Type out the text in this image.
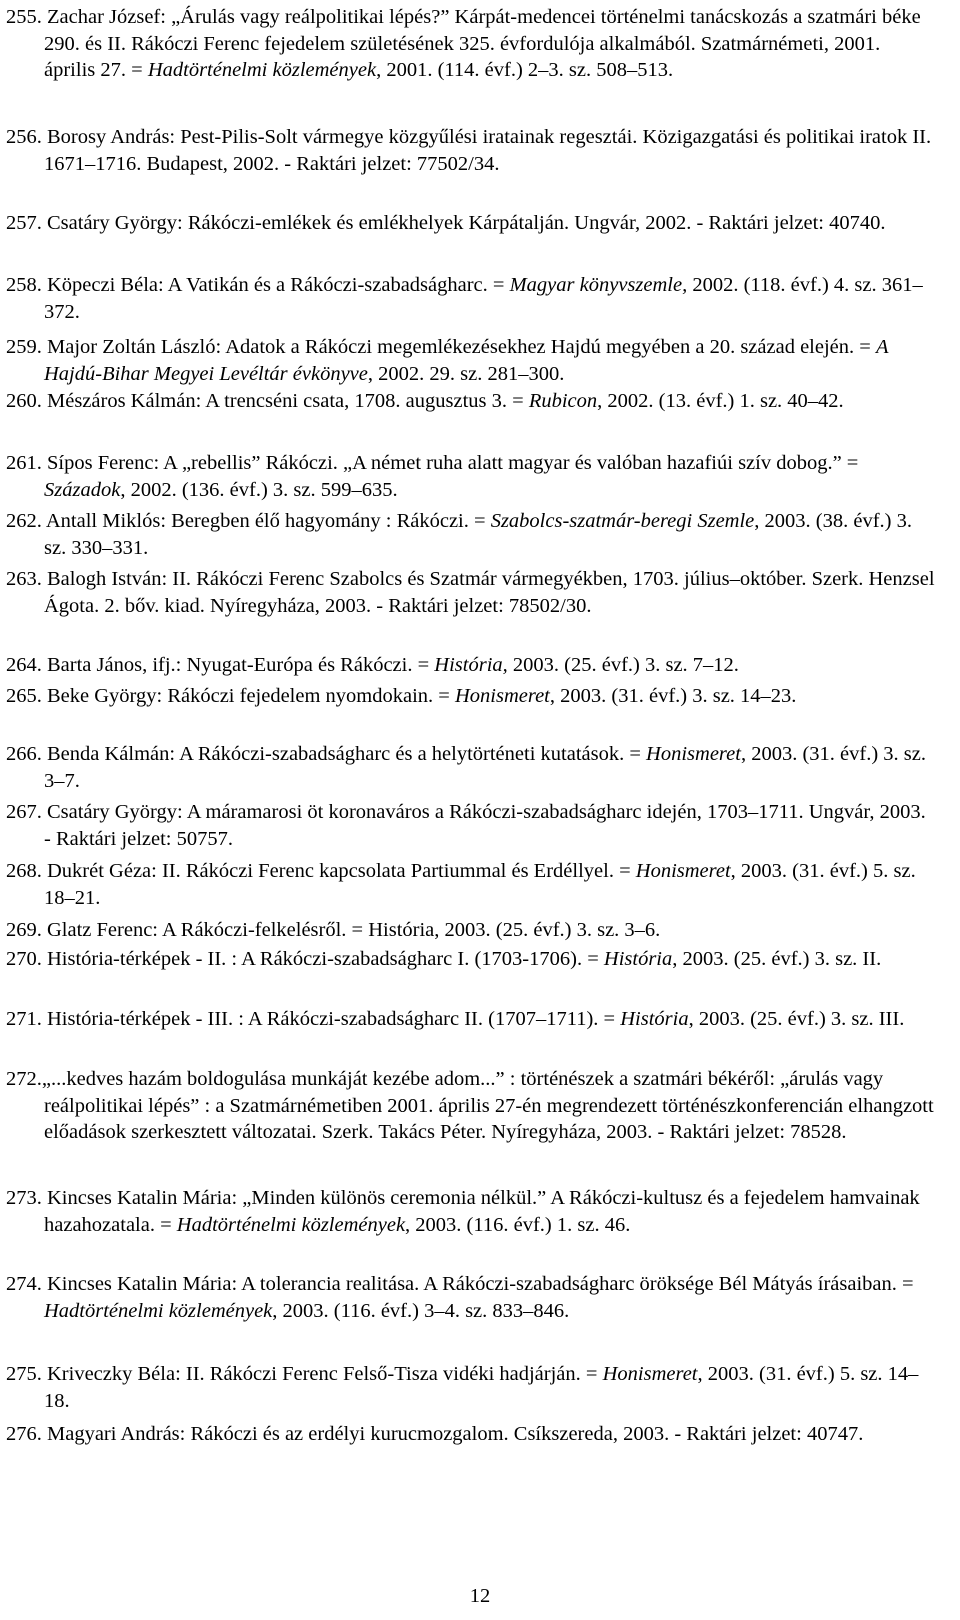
255. Zachar József: „Árulás vagy reálpolitikai lépés?” Kárpát-medencei történelmi tanácskozás a szatmári béke 290. és II. Rákóczi Ferenc fejedelem születésének 325. évfordulója alkalmából. Szatmárnémeti, 2001. április 27. = Hadtörténelmi közlemények, 2001. (114. évf.) 2–3. sz. 508–513.
256. Borosy András: Pest-Pilis-Solt vármegye közgyűlési iratainak regesztái. Közigazgatási és politikai iratok II. 1671–1716. Budapest, 2002. - Raktári jelzet: 77502/34.
257. Csatáry György: Rákóczi-emlékek és emlékhelyek Kárpátalján. Ungvár, 2002. - Raktári jelzet: 40740.
258. Köpeczi Béla: A Vatikán és a Rákóczi-szabadságharc. = Magyar könyvszemle, 2002. (118. évf.) 4. sz. 361–372.
259. Major Zoltán László: Adatok a Rákóczi megemlékezésekhez Hajdú megyében a 20. század elején. = A Hajdú-Bihar Megyei Levéltár évkönyve, 2002. 29. sz. 281–300.
260. Mészáros Kálmán: A trencséni csata, 1708. augusztus 3. = Rubicon, 2002. (13. évf.) 1. sz. 40–42.
261. Sípos Ferenc: A „rebellis” Rákóczi. „A német ruha alatt magyar és valóban hazafiúi szív dobog.” = Századok, 2002. (136. évf.) 3. sz. 599–635.
262. Antall Miklós: Beregben élő hagyomány : Rákóczi. = Szabolcs-szatmár-beregi Szemle, 2003. (38. évf.) 3. sz. 330–331.
263. Balogh István: II. Rákóczi Ferenc Szabolcs és Szatmár vármegyékben, 1703. július–október. Szerk. Henzsel Ágota. 2. bőv. kiad. Nyíregyháza, 2003. - Raktári jelzet: 78502/30.
264. Barta János, ifj.: Nyugat-Európa és Rákóczi. = História, 2003. (25. évf.) 3. sz. 7–12.
265. Beke György: Rákóczi fejedelem nyomdokain. = Honismeret, 2003. (31. évf.) 3. sz. 14–23.
266. Benda Kálmán: A Rákóczi-szabadságharc és a helytörténeti kutatások. = Honismeret, 2003. (31. évf.) 3. sz. 3–7.
267. Csatáry György: A máramarosi öt koronaváros a Rákóczi-szabadságharc idején, 1703–1711. Ungvár, 2003. - Raktári jelzet: 50757.
268. Dukrét Géza: II. Rákóczi Ferenc kapcsolata Partiummal és Erdéllyel. = Honismeret, 2003. (31. évf.) 5. sz. 18–21.
269. Glatz Ferenc: A Rákóczi-felkelésről. = História, 2003. (25. évf.) 3. sz. 3–6.
270. História-térképek - II. : A Rákóczi-szabadságharc I. (1703-1706). = História, 2003. (25. évf.) 3. sz. II.
271. História-térképek - III. : A Rákóczi-szabadságharc II. (1707–1711). = História, 2003. (25. évf.) 3. sz. III.
272.„...kedves hazám boldogulása munkáját kezébe adom...” : történészek a szatmári békéről: „árulás vagy reálpolitikai lépés” : a Szatmárnémetiben 2001. április 27-én megrendezett történészkonferencián elhangzott előadások szerkesztett változatai. Szerk. Takács Péter. Nyíregyháza, 2003. - Raktári jelzet: 78528.
273. Kincses Katalin Mária: „Minden különös ceremonia nélkül.” A Rákóczi-kultusz és a fejedelem hamvainak hazahozatala. = Hadtörténelmi közlemények, 2003. (116. évf.) 1. sz. 46.
274. Kincses Katalin Mária: A tolerancia realitása. A Rákóczi-szabadságharc öröksége Bél Mátyás írásaiban. = Hadtörténelmi közlemények, 2003. (116. évf.) 3–4. sz. 833–846.
275. Kriveczky Béla: II. Rákóczi Ferenc Felső-Tisza vidéki hadjárján. = Honismeret, 2003. (31. évf.) 5. sz. 14–18.
276. Magyari András: Rákóczi és az erdélyi kurucmozgalom. Csíkszereda, 2003. - Raktári jelzet: 40747.
12
